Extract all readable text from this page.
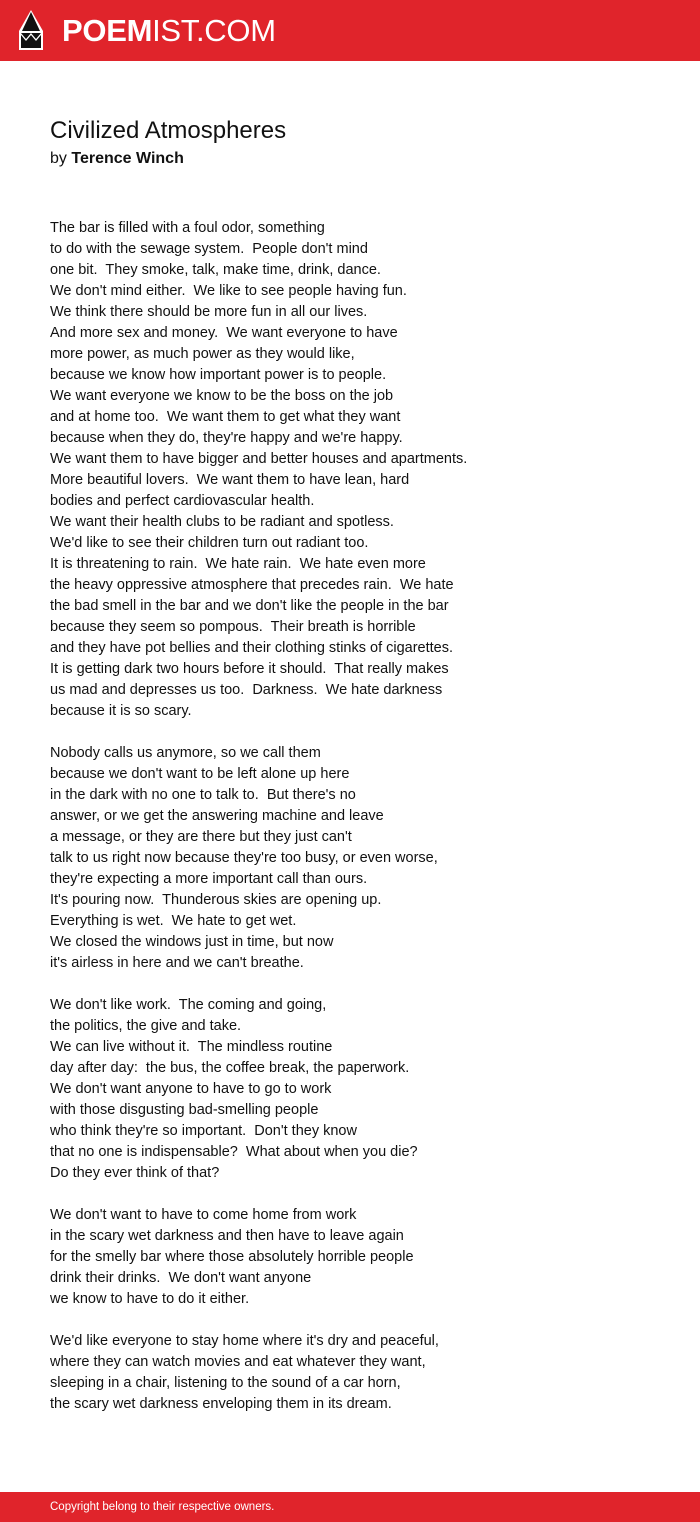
POEMIST.COM
Civilized Atmospheres
by Terence Winch
The bar is filled with a foul odor, something
to do with the sewage system.  People don't mind
one bit.  They smoke, talk, make time, drink, dance.
We don't mind either.  We like to see people having fun.
We think there should be more fun in all our lives.
And more sex and money.  We want everyone to have
more power, as much power as they would like,
because we know how important power is to people.
We want everyone we know to be the boss on the job
and at home too.  We want them to get what they want
because when they do, they're happy and we're happy.
We want them to have bigger and better houses and apartments.
More beautiful lovers.  We want them to have lean, hard
bodies and perfect cardiovascular health.
We want their health clubs to be radiant and spotless.
We'd like to see their children turn out radiant too.
It is threatening to rain.  We hate rain.  We hate even more
the heavy oppressive atmosphere that precedes rain.  We hate
the bad smell in the bar and we don't like the people in the bar
because they seem so pompous.  Their breath is horrible
and they have pot bellies and their clothing stinks of cigarettes.
It is getting dark two hours before it should.  That really makes
us mad and depresses us too.  Darkness.  We hate darkness
because it is so scary.
Nobody calls us anymore, so we call them
because we don't want to be left alone up here
in the dark with no one to talk to.  But there's no
answer, or we get the answering machine and leave
a message, or they are there but they just can't
talk to us right now because they're too busy, or even worse,
they're expecting a more important call than ours.
It's pouring now.  Thunderous skies are opening up.
Everything is wet.  We hate to get wet.
We closed the windows just in time, but now
it's airless in here and we can't breathe.
We don't like work.  The coming and going,
the politics, the give and take.
We can live without it.  The mindless routine
day after day:  the bus, the coffee break, the paperwork.
We don't want anyone to have to go to work
with those disgusting bad-smelling people
who think they're so important.  Don't they know
that no one is indispensable?  What about when you die?
Do they ever think of that?
We don't want to have to come home from work
in the scary wet darkness and then have to leave again
for the smelly bar where those absolutely horrible people
drink their drinks.  We don't want anyone
we know to have to do it either.
We'd like everyone to stay home where it's dry and peaceful,
where they can watch movies and eat whatever they want,
sleeping in a chair, listening to the sound of a car horn,
the scary wet darkness enveloping them in its dream.
Copyright belong to their respective owners.
